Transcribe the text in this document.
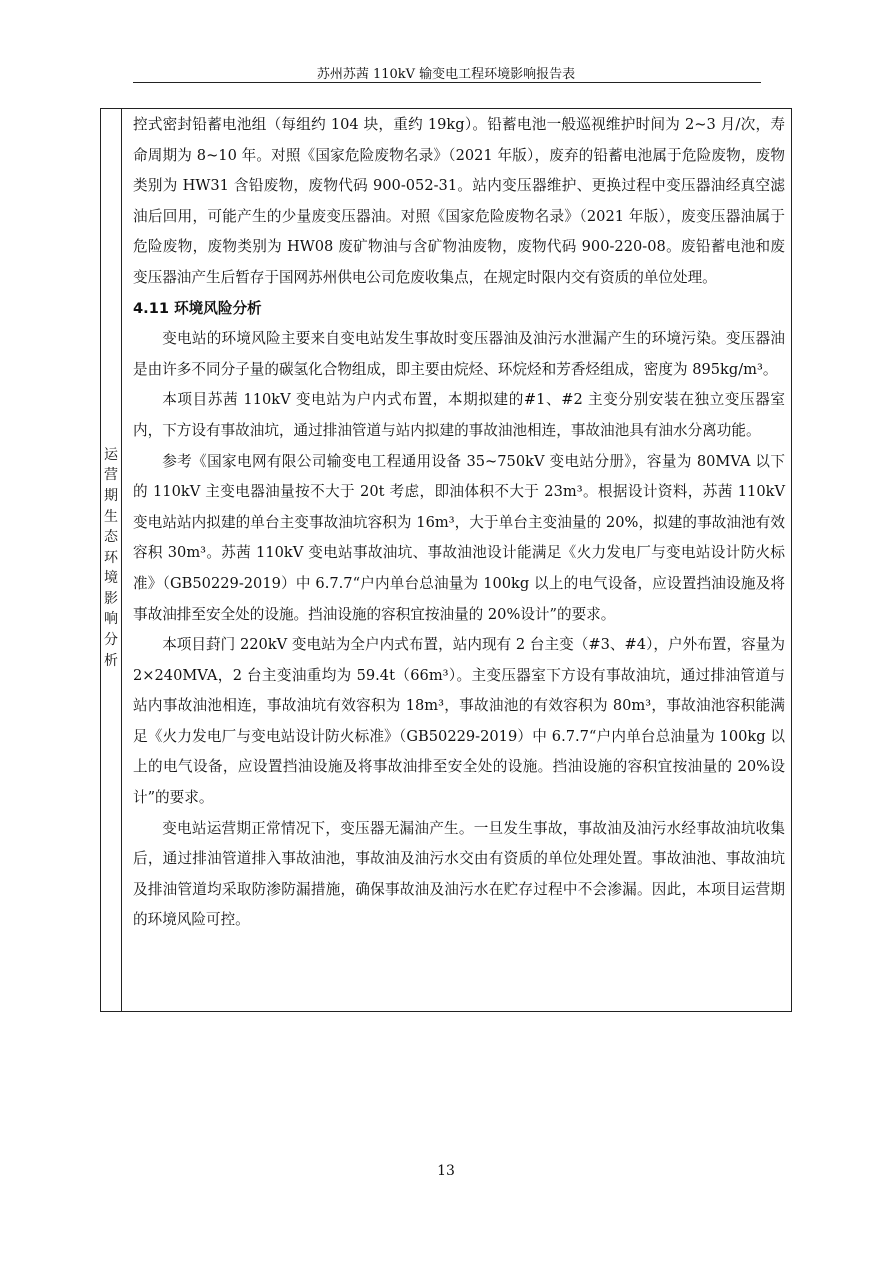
苏州苏茜 110kV 输变电工程环境影响报告表
运营期生态环境影响分析

控式密封铅蓄电池组（每组约 104 块，重约 19kg）。铅蓄电池一般巡视维护时间为 2~3 月/次，寿命周期为 8~10 年。对照《国家危险废物名录》（2021 年版），废弃的铅蓄电池属于危险废物，废物类别为 HW31 含铅废物，废物代码 900-052-31。站内变压器维护、更换过程中变压器油经真空滤油后回用，可能产生的少量废变压器油。对照《国家危险废物名录》（2021 年版），废变压器油属于危险废物，废物类别为 HW08 废矿物油与含矿物油废物，废物代码 900-220-08。废铅蓄电池和废变压器油产生后暂存于国网苏州供电公司危废收集点，在规定时限内交有资质的单位处理。

4.11 环境风险分析

变电站的环境风险主要来自变电站发生事故时变压器油及油污水泄漏产生的环境污染。变压器油是由许多不同分子量的碳氢化合物组成，即主要由烷烃、环烷烃和芳香烃组成，密度为 895kg/m³。

本项目苏茜 110kV 变电站为户内式布置，本期拟建的#1、#2 主变分别安装在独立变压器室内，下方设有事故油坑，通过排油管道与站内拟建的事故油池相连，事故油池具有油水分离功能。

参考《国家电网有限公司输变电工程通用设备 35~750kV 变电站分册》，容量为 80MVA 以下的 110kV 主变电器油量按不大于 20t 考虑，即油体积不大于 23m³。根据设计资料，苏茜 110kV 变电站站内拟建的单台主变事故油坑容积为 16m³，大于单台主变油量的 20%，拟建的事故油池有效容积 30m³。苏茜 110kV 变电站事故油坑、事故油池设计能满足《火力发电厂与变电站设计防火标准》（GB50229-2019）中 6.7.7“户内单台总油量为 100kg 以上的电气设备，应设置挡油设施及将事故油排至安全处的设施。挡油设施的容积宜按油量的 20%设计”的要求。

本项目葑门 220kV 变电站为全户内式布置，站内现有 2 台主变（#3、#4），户外布置，容量为 2×240MVA，2 台主变油重均为 59.4t（66m³）。主变压器室下方设有事故油坑，通过排油管道与站内事故油池相连，事故油坑有效容积为 18m³，事故油池的有效容积为 80m³，事故油池容积能满足《火力发电厂与变电站设计防火标准》（GB50229-2019）中 6.7.7“户内单台总油量为 100kg 以上的电气设备，应设置挡油设施及将事故油排至安全处的设施。挡油设施的容积宜按油量的 20%设计”的要求。

变电站运营期正常情况下，变压器无漏油产生。一旦发生事故，事故油及油污水经事故油坑收集后，通过排油管道排入事故油池，事故油及油污水交由有资质的单位处理处置。事故油池、事故油坑及排油管道均采取防渗防漏措施，确保事故油及油污水在贮存过程中不会渗漏。因此，本项目运营期的环境风险可控。

13
